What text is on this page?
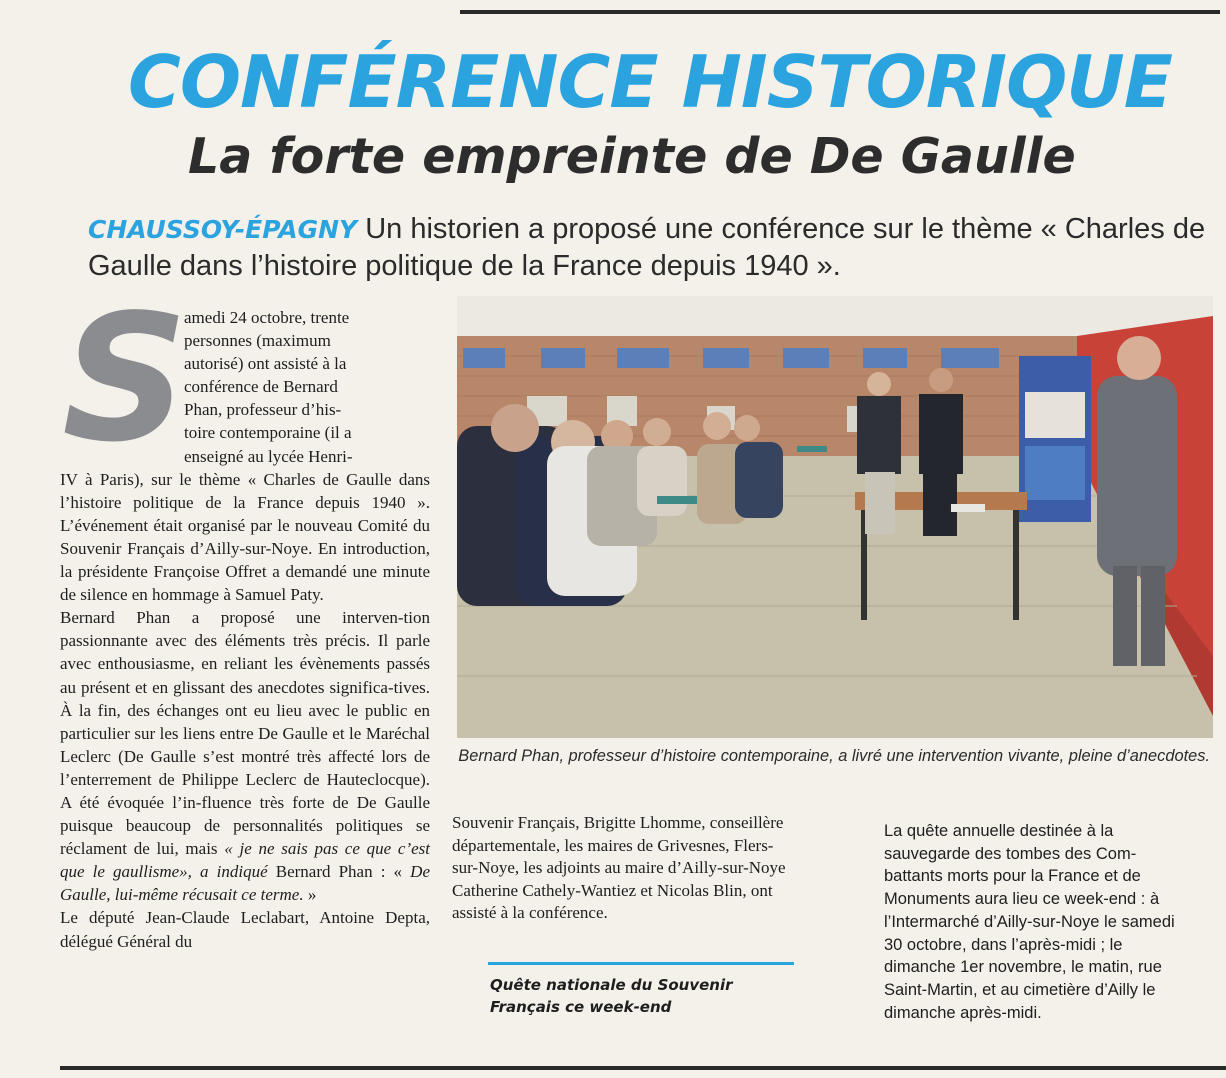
CONFÉRENCE HISTORIQUE
La forte empreinte de De Gaulle
CHAUSSOY-ÉPAGNY Un historien a proposé une conférence sur le thème « Charles de Gaulle dans l’histoire politique de la France depuis 1940 ».
S
amedi 24 octobre, trente
personnes (maximum
autorisé) ont assisté à la
conférence de Bernard
Phan, professeur d’his-
toire contemporaine (il a
enseigné au lycée Henri-
IV à Paris), sur le thème « Charles de Gaulle dans l’histoire politique de la France depuis 1940 ». L’événement était organisé par le nouveau Comité du Souvenir Français d’Ailly-sur-Noye. En introduction, la présidente Françoise Offret a demandé une minute de silence en hommage à Samuel Paty.
Bernard Phan a proposé une interven-tion passionnante avec des éléments très précis. Il parle avec enthousiasme, en reliant les évènements passés au présent et en glissant des anecdotes significa-tives. À la fin, des échanges ont eu lieu avec le public en particulier sur les liens entre De Gaulle et le Maréchal Leclerc (De Gaulle s’est montré très affecté lors de l’enterrement de Philippe Leclerc de Hauteclocque). A été évoquée l’in-fluence très forte de De Gaulle puisque beaucoup de personnalités politiques se réclament de lui, mais « je ne sais pas ce que c’est que le gaullisme», a indiqué Bernard Phan : « De Gaulle, lui-même récusait ce terme. »
Le député Jean-Claude Leclabart, Antoine Depta, délégué Général du
Bernard Phan, professeur d’histoire contemporaine, a livré une intervention vivante, pleine d’anecdotes.
Souvenir Français, Brigitte Lhomme, conseillère départementale, les maires de Grivesnes, Flers-sur-Noye, les adjoints au maire d’Ailly-sur-Noye Catherine Cathely-Wantiez et Nicolas Blin, ont assisté à la conférence.
Quête nationale du Souvenir Français ce week-end
La quête annuelle destinée à la sauvegarde des tombes des Com-battants morts pour la France et de Monuments aura lieu ce week-end : à l’Intermarché d’Ailly-sur-Noye le samedi 30 octobre, dans l’après-midi ; le dimanche 1er novembre, le matin, rue Saint-Martin, et au cimetière d’Ailly le dimanche après-midi.
